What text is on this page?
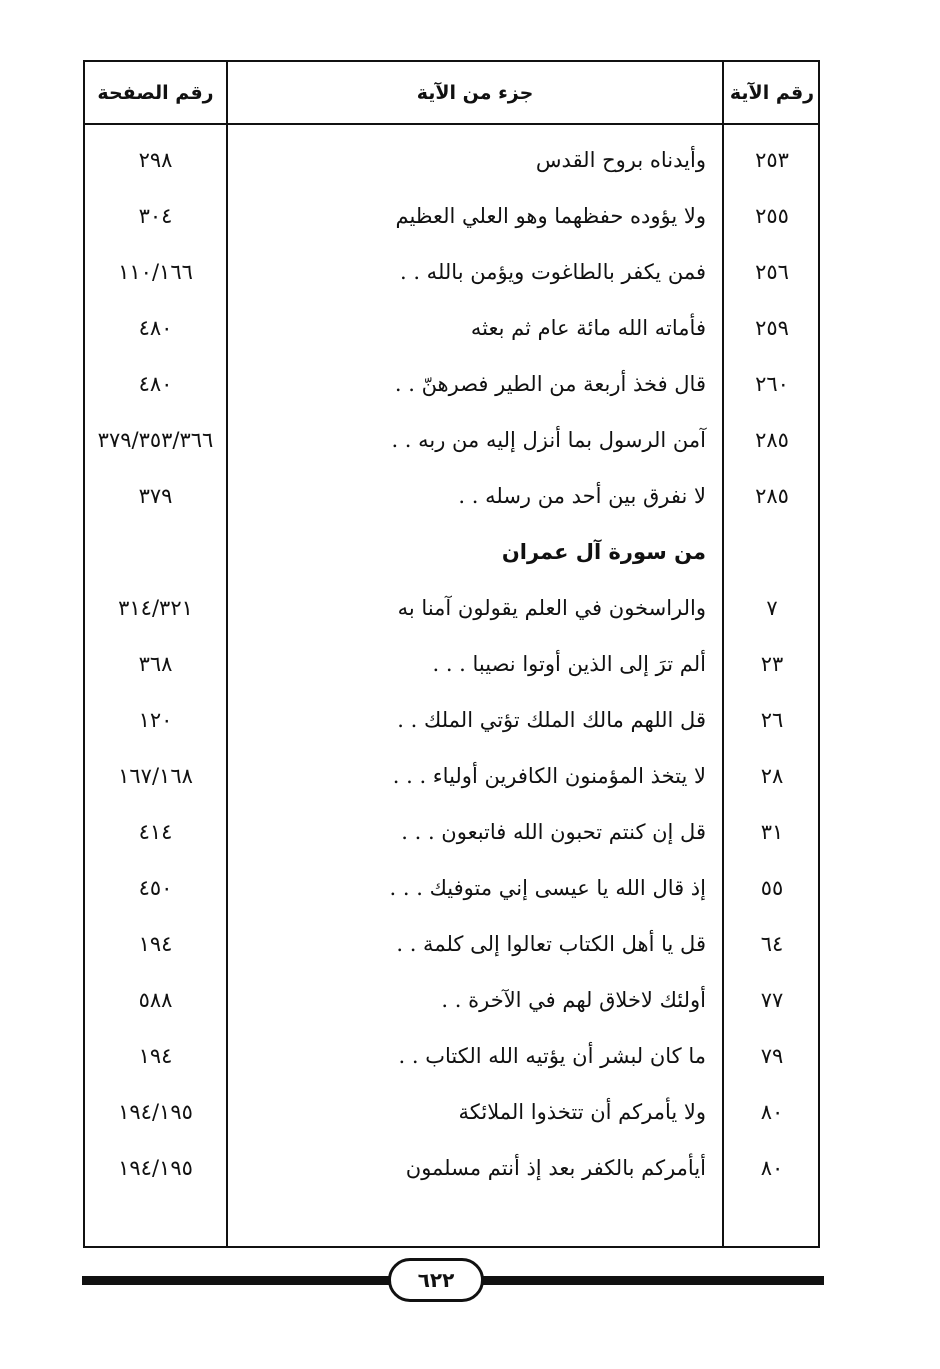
رقم الصفحة	جزء من الآية	رقم الآية
٢٩٨	وأيدناه بروح القدس	٢٥٣
٣٠٤	ولا يؤوده حفظهما وهو العلي العظيم	٢٥٥
١١٠/١٦٦	فمن يكفر بالطاغوت ويؤمن بالله . .	٢٥٦
٤٨٠	فأماته الله مائة عام ثم بعثه	٢٥٩
٤٨٠	قال فخذ أربعة من الطير فصرهنّ . .	٢٦٠
٣٧٩/٣٥٣/٣٦٦	آمن الرسول بما أنزل إليه من ربه . .	٢٨٥
٣٧٩	لا نفرق بين أحد من رسله . .	٢٨٥
من سورة آل عمران
٣١٤/٣٢١	والراسخون في العلم يقولون آمنا به	٧
٣٦٨	ألم ترَ إلى الذين أوتوا نصيبا . . .	٢٣
١٢٠	قل اللهم مالك الملك تؤتي الملك . .	٢٦
١٦٧/١٦٨	لا يتخذ المؤمنون الكافرين أولياء . . .	٢٨
٤١٤	قل إن كنتم تحبون الله فاتبعون . . .	٣١
٤٥٠	إذ قال الله يا عيسى إني متوفيك . . .	٥٥
١٩٤	قل يا أهل الكتاب تعالوا إلى كلمة . .	٦٤
٥٨٨	أولئك لاخلاق لهم في الآخرة . .	٧٧
١٩٤	ما كان لبشر أن يؤتيه الله الكتاب . .	٧٩
١٩٤/١٩٥	ولا يأمركم أن تتخذوا الملائكة	٨٠
١٩٤/١٩٥	أيأمركم بالكفر بعد إذ أنتم مسلمون	٨٠
٦٢٢
